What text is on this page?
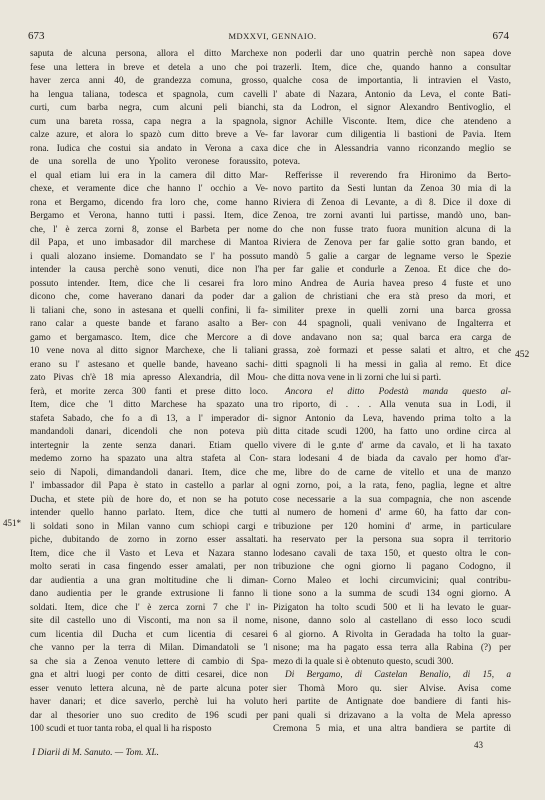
673	MDXXVI, GENNAIO.	674
451*
452
saputa de alcuna persona, allora el ditto Marchexe
fese una lettera in breve et detela a uno che poi
haver zerca anni 40, de grandezza comuna, grosso,
ha lengua taliana, todesca et spagnola, cum cavelli
curti, cum barba negra, cum alcuni peli bianchi,
cum una bareta rossa, capa negra a la spagnola,
calze azure, et alora lo spazò cum ditto breve a Ve-
rona. Iudica che costui sia andato in Verona a caxa
de una sorella de uno Ypolito veronese foraussito,
el qual etiam lui era in la camera dil ditto Mar-
chexe, et veramente dice che hanno l' occhio a Ve-
rona et Bergamo, dicendo fra loro che, come hanno
Bergamo et Verona, hanno tutti i passi. Item, dice
che, l' è zerca zorni 8, zonse el Barbeta per nome
dil Papa, et uno imbasador dil marchese di Mantoa
i quali alozano insieme. Domandato se l' ha possuto
intender la causa perchè sono venuti, dice non l'ha
possuto intender. Item, dice che li cesarei fra loro
dicono che, come haverano danari da poder dar a
li taliani che, sono in astesana et quelli confini, li fa-
rano calar a queste bande et farano asalto a Ber-
gamo et bergamasco. Item, dice che Mercore a dì
10 vene nova al ditto signor Marchexe, che li taliani
erano su l' astesano et quelle bande, haveano sachi-
zato Pivas ch'è 18 mia apresso Alexandria, dil Mou-
ferà, et morite zerca 300 fanti et prese ditto loco.
Item, dice che 'l ditto Marchese ha spazato una
stafeta Sabado, che fo a dì 13, a l' imperador di-
mandandoli danari, dicendoli che non poteva più
intertegnir la zente senza danari. Etiam quello
medemo zorno ha spazato una altra stafeta al Con-
seio di Napoli, dimandandoli danari. Item, dice che
l' imbassador dil Papa è stato in castello a parlar al
Ducha, et stete più de hore do, et non se ha potuto
intender quello hanno parlato. Item, dice che tutti
li soldati sono in Milan vanno cum schiopi cargi e
piche, dubitando de zorno in zorno esser assaltati.
Item, dice che il Vasto et Leva et Nazara stanno
molto serati in casa fingendo esser amalati, per non
dar audientia a una gran moltitudine che li diman-
dano audientia per le grande extrusione li fanno li
soldati. Item, dice che l' è zerca zorni 7 che l' in-
site dil castello uno di Visconti, ma non sa il nome,
cum licentia dil Ducha et cum licentia di cesarei
che vanno per la terra di Milan. Dimandatoli se 'l
sa che sia a Zenoa venuto lettere di cambio di Spa-
gna et altri luogi per conto de ditti cesarei, dice non
esser venuto lettera alcuna, nè de parte alcuna poter
haver danari; et dice saverlo, perchè lui ha voluto
dar al thesorier uno suo credito de 196 scudi per
100 scudi et tuor tanta roba, el qual li ha risposto
non poderli dar uno quatrin perchè non sapea dove
trazerli. Item, dice che, quando hanno a consultar
qualche cosa de importantia, li intravien el Vasto,
l' abate di Nazara, Antonio da Leva, el conte Bati-
sta da Lodron, el signor Alexandro Bentivoglio, el
signor Achille Visconte. Item, dice che atendeno a
far lavorar cum diligentia li bastioni de Pavia. Item
dice che in Alessandria vanno riconzando meglio se
poteva.
Refferisse il reverendo fra Hironimo da Berto-
novo partito da Sesti luntan da Zenoa 30 mia di la
Riviera di Zenoa di Levante, a dì 8. Dice il doxe di
Zenoa, tre zorni avanti lui partisse, mandò uno, ban-
do che non fusse trato fuora munition alcuna di la
Riviera de Zenova per far galie sotto gran bando, et
mandò 5 galie a cargar de legname verso le Spezie
per far galie et condurle a Zenoa. Et dice che do-
mino Andrea de Auria havea preso 4 fuste et uno
galion de christiani che era stà preso da mori, et
similiter prexe in quelli zorni una barca grossa
con 44 spagnoli, quali venivano de Ingalterra et
dove andavano non sa; qual barca era carga de
grassa, zoè formazi et pesse salati et altro, et che
ditti spagnoli li ha messi in galìa al remo. Et dice
che ditta nova vene in li zorni che lui si partì.
Ancora el ditto Podestà manda questo al-
tro riporto, di . . . Alla venuta sua in Lodi, il
signor Antonio da Leva, havendo prima tolto a la
ditta citade scudi 1200, ha fatto uno ordine circa al
vivere di le g.nte d' arme da cavalo, et li ha taxato
stara lodesani 4 de biada da cavalo per homo d'ar-
me, libre do de carne de vitello et una de manzo
ogni zorno, poi, a la rata, feno, paglia, legne et altre
cose necessarie a la sua compagnia, che non ascende
al numero de homeni d' arme 60, ha fatto dar con-
tribuzione per 120 homini d' arme, in particulare
ha reservato per la persona sua sopra il territorio
lodesano cavali de taxa 150, et questo oltra le con-
tribuzione che ogni giorno li pagano Codogno, il
Corno Maleo et lochi circumvicini; qual contribu-
tione sono a la summa de scudi 134 ogni giorno. A
Pizigaton ha tolto scudi 500 et li ha levato le guar-
nisone, danno solo al castellano di esso loco scudi
6 al giorno. A Rivolta in Geradada ha tolto la guar-
nisone; ma ha pagato essa terra alla Rabina (?) per
mezo di la quale si è obtenuto questo, scudi 300.
Di Bergamo, di Castelan Benalio, di 15, a
sier Thomà Moro qu. sier Alvise. Avisa come
heri partite de Antignate doe bandiere di fanti his-
pani quali si drizavano a la volta de Mela apresso
Cremona 5 mia, et una altra bandiera se partite di
I Diarii di M. Sanuto. — Tom. XL.
43
